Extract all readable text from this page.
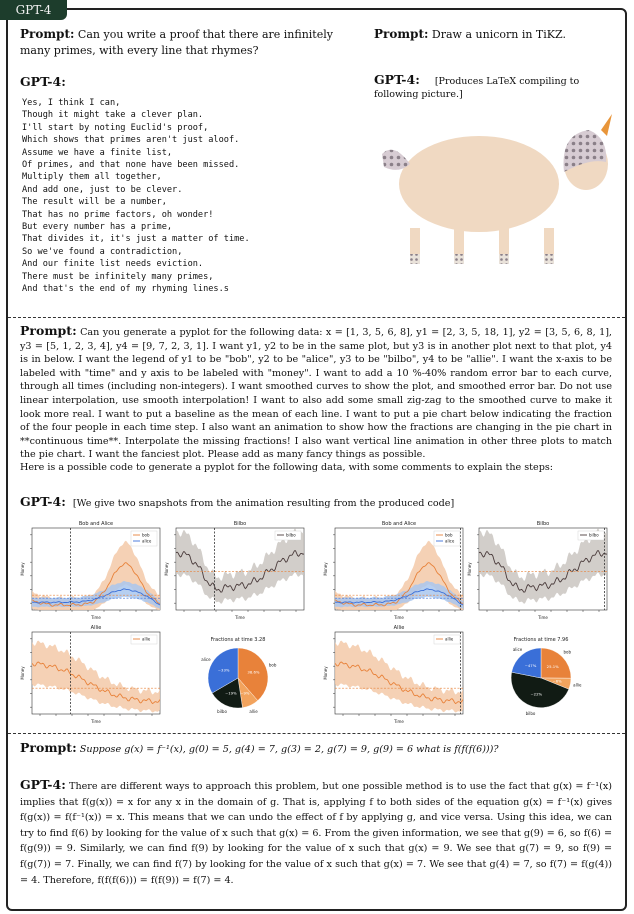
GPT-4
Prompt: Can you write a proof that there are infinitely many primes, with every line that rhymes?
GPT-4:
Yes, I think I can,
Though it might take a clever plan.
I'll start by noting Euclid's proof,
Which shows that primes aren't just aloof.
Assume we have a finite list,
Of primes, and that none have been missed.
Multiply them all together,
And add one, just to be clever.
The result will be a number,
That has no prime factors, oh wonder!
But every number has a prime,
That divides it, it's just a matter of time.
So we've found a contradiction,
And our finite list needs eviction.
There must be infinitely many primes,
And that's the end of my rhyming lines.s
Prompt: Draw a unicorn in TiKZ.
GPT-4: [Produces LaTeX compiling to following picture.]
Prompt: Can you generate a pyplot for the following data: x = [1, 3, 5, 6, 8], y1 = [2, 3, 5, 18, 1], y2 = [3, 5, 6, 8, 1], y3 = [5, 1, 2, 3, 4], y4 = [9, 7, 2, 3, 1]. I want y1, y2 to be in the same plot, but y3 is in another plot next to that plot, y4 is in below. I want the legend of y1 to be "bob", y2 to be "alice", y3 to be "bilbo", y4 to be "allie". I want the x-axis to be labeled with "time" and y axis to be labeled with "money". I want to add a 10 %-40% random error bar to each curve, through all times (including non-integers). I want smoothed curves to show the plot, and smoothed error bar. Do not use linear interpolation, use smooth interpolation! I want to also add some small zig-zag to the smoothed curve to make it look more real. I want to put a baseline as the mean of each line. I want to put a pie chart below indicating the fraction of the four people in each time step. I also want an animation to show how the fractions are changing in the pie chart in **continuous time**. Interpolate the missing fractions! I also want vertical line animation in other three plots to match the pie chart. I want the fanciest plot. Please add as many fancy things as possible.
Here is a possible code to generate a pyplot for the following data, with some comments to explain the steps:
GPT-4: [We give two snapshots from the animation resulting from the produced code]
Bob and Alice
Time
Money
bob
alice
Bilbo
Time
Money
bilbo
Allie
Time
Money
allie	Fractions at time 3.28
bob
38.6%
allie
~9%
bilbo
~19%
alice
~33%
Bob and Alice
Time
Money
bob
alice
Bilbo
Time
Money
bilbo
Allie
Time
Money
allie	Fractions at time 7.96
bob
25.1%
allie
~6%
bilbo
~22%
alice
~47%
Prompt: Suppose g(x) = f⁻¹(x), g(0) = 5, g(4) = 7, g(3) = 2, g(7) = 9, g(9) = 6 what is f(f(f(6)))?
GPT-4: There are different ways to approach this problem, but one possible method is to use the fact that g(x) = f⁻¹(x) implies that f(g(x)) = x for any x in the domain of g. That is, applying f to both sides of the equation g(x) = f⁻¹(x) gives f(g(x)) = f(f⁻¹(x)) = x. This means that we can undo the effect of f by applying g, and vice versa. Using this idea, we can try to find f(6) by looking for the value of x such that g(x) = 6. From the given information, we see that g(9) = 6, so f(6) = f(g(9)) = 9. Similarly, we can find f(9) by looking for the value of x such that g(x) = 9. We see that g(7) = 9, so f(9) = f(g(7)) = 7. Finally, we can find f(7) by looking for the value of x such that g(x) = 7. We see that g(4) = 7, so f(7) = f(g(4)) = 4. Therefore, f(f(f(6))) = f(f(9)) = f(7) = 4.
